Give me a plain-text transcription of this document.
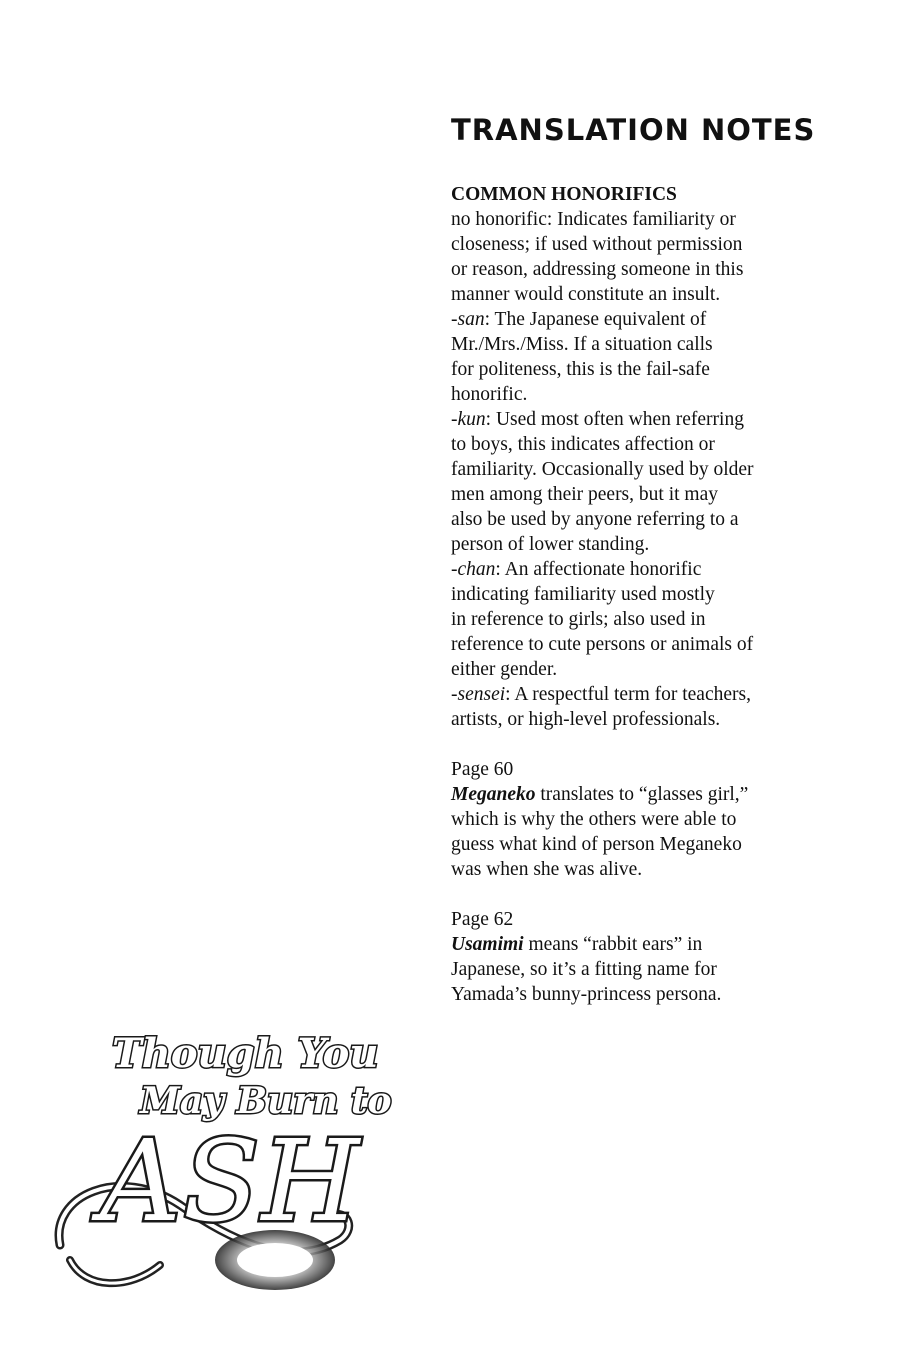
TRANSLATION NOTES

COMMON HONORIFICS

no honorific: Indicates familiarity or

closeness; if used without permission

or reason, addressing someone in this

manner would constitute an insult.

-san: The Japanese equivalent of

Mr./Mrs./Miss. If a situation calls

for politeness, this is the fail-safe

honorific.

-kun: Used most often when referring

to boys, this indicates affection or

familiarity. Occasionally used by older

men among their peers, but it may

also be used by anyone referring to a

person of lower standing.

-chan: An affectionate honorific

indicating familiarity used mostly

in reference to girls; also used in

reference to cute persons or animals of

either gender.

-sensei: A respectful term for teachers,

artists, or high-level professionals.

Page 60

Meganeko translates to “glasses girl,”

which is why the others were able to

guess what kind of person Meganeko

was when she was alive.

Page 62

Usamimi means “rabbit ears” in

Japanese, so it’s a fitting name for

Yamada’s bunny-princess persona.

Though You
May Burn to
ASH
